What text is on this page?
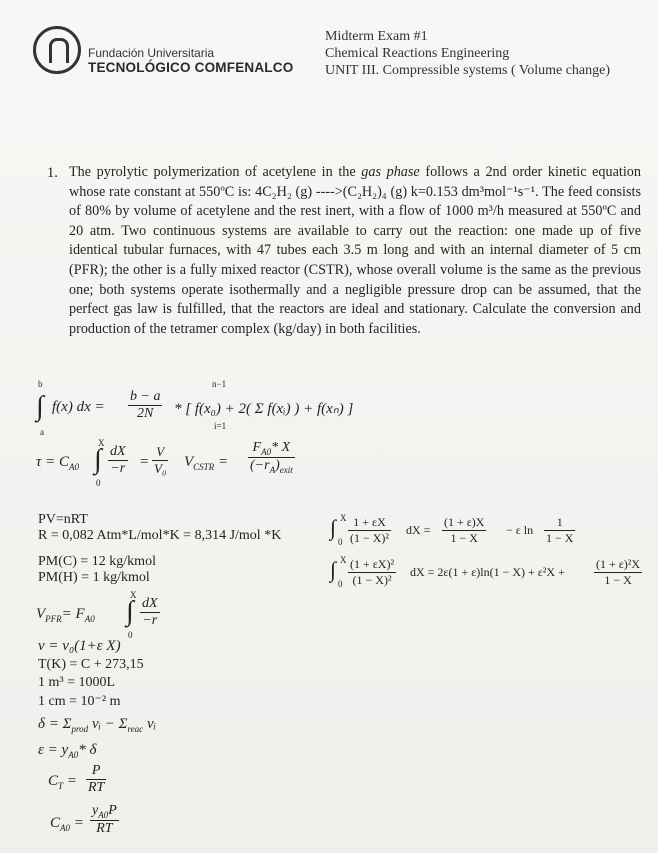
Fundación Universitaria
TECNOLÓGICO COMFENALCO
Midterm Exam #1
Chemical Reactions Engineering
UNIT III. Compressible systems ( Volume change)
1. The pyrolytic polymerization of acetylene in the gas phase follows a 2nd order kinetic equation whose rate constant at 550ºC is: 4C₂H₂ (g) ---->(C₂H₂)₄ (g) k=0.153 dm³mol⁻¹s⁻¹. The feed consists of 80% by volume of acetylene and the rest inert, with a flow of 1000 m³/h measured at 550ºC and 20 atm. Two continuous systems are available to carry out the reaction: one made up of five identical tubular furnaces, with 47 tubes each 3.5 m long and with an internal diameter of 5 cm (PFR); the other is a fully mixed reactor (CSTR), whose overall volume is the same as the previous one; both systems operate isothermally and a negligible pressure drop can be assumed, that the perfect gas law is fulfilled, that the reactors are ideal and stationary. Calculate the conversion and production of the tetramer complex (kg/day) in both facilities.
b
∫
a
f(x) dx = $\frac{b - a}{2N}$
n−1
i=1
* [ f(x₀) + 2( Σ f(xᵢ) ) + f(xₙ) ]
$\tau = C_{A0}$
X
∫
0
$\frac{dX}{-r} = \frac{V}{\text{V₀}} V_{CSTR}$ =
$F_{A0}*$ X
$(-r_A)_{exit}$
PV=nRT
R = 0,082 Atm*L/mol*K = 8,314 J/mol *K
PM(C) = 12 kg/kmol
PM(H) = 1 kg/kmol
$V_{PFR}= F_{A0}$
X
∫
0
$\frac{dX}{-r}$
v = v₀(1+ε X)
T(K) = C + 273,15
1 m³ = 1000L
1 cm = 10⁻² m
$\delta = \Sigma_{prod}$ vᵢ − $\Sigma_{reac}$ vᵢ
$\varepsilon = y_{A0}*$ δ
$C_T = \frac{P}{RT}$
$C_{A0} = \frac{y_{A0}P}{RT}$
∫ X
$0 \frac{1 + \varepsilon X}{\text{(1 − X)²}}$ dX = $\frac{(1 + \varepsilon)X}{1 - X} - \varepsilon$ $\ln \frac{1}{1 - X}$
∫ X
$0 \frac{\text{(1 + εX)²}}{\text{(1 − X)²}}$ dX = $2\varepsilon(1 + \varepsilon)\ln(1 - X) + \varepsilon^2X + \frac{\text{(1 + ε)²X}}{1 - X}$
